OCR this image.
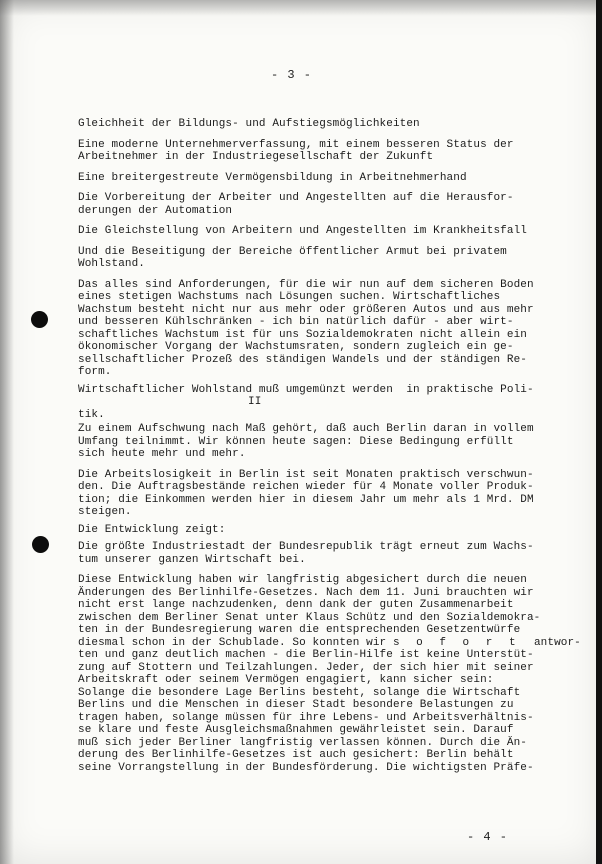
- 3 -

Gleichheit der Bildungs- und Aufstiegsmöglichkeiten

Eine moderne Unternehmerverfassung, mit einem besseren Status der

Arbeitnehmer in der Industriegesellschaft der Zukunft

Eine breitergestreute Vermögensbildung in Arbeitnehmerhand

Die Vorbereitung der Arbeiter und Angestellten auf die Herausfor-

derungen der Automation

Die Gleichstellung von Arbeitern und Angestellten im Krankheitsfall

Und die Beseitigung der Bereiche öffentlicher Armut bei privatem

Wohlstand.

Das alles sind Anforderungen, für die wir nun auf dem sicheren Boden

eines stetigen Wachstums nach Lösungen suchen. Wirtschaftliches

Wachstum besteht nicht nur aus mehr oder größeren Autos und aus mehr

und besseren Kühlschränken - ich bin natürlich dafür - aber wirt-

schaftliches Wachstum ist für uns Sozialdemokraten nicht allein ein

ökonomischer Vorgang der Wachstumsraten, sondern zugleich ein ge-

sellschaftlicher Prozeß des ständigen Wandels und der ständigen Re-

form.

Wirtschaftlicher Wohlstand muß umgemünzt werden  in praktische Poli-

II

tik.

Zu einem Aufschwung nach Maß gehört, daß auch Berlin daran in vollem

Umfang teilnimmt. Wir können heute sagen: Diese Bedingung erfüllt

sich heute mehr und mehr.

Die Arbeitslosigkeit in Berlin ist seit Monaten praktisch verschwun-

den. Die Auftragsbestände reichen wieder für 4 Monate voller Produk-

tion; die Einkommen werden hier in diesem Jahr um mehr als 1 Mrd. DM

steigen.

Die Entwicklung zeigt:

Die größte Industriestadt der Bundesrepublik trägt erneut zum Wachs-

tum unserer ganzen Wirtschaft bei.

Diese Entwicklung haben wir langfristig abgesichert durch die neuen

Änderungen des Berlinhilfe-Gesetzes. Nach dem 11. Juni brauchten wir

nicht erst lange nachzudenken, denn dank der guten Zusammenarbeit

zwischen dem Berliner Senat unter Klaus Schütz und den Sozialdemokra-

ten in der Bundesregierung waren die entsprechenden Gesetzentwürfe

diesmal schon in der Schublade. So konnten wir s o f o r t  antwor-

ten und ganz deutlich machen - die Berlin-Hilfe ist keine Unterstüt-

zung auf Stottern und Teilzahlungen. Jeder, der sich hier mit seiner

Arbeitskraft oder seinem Vermögen engagiert, kann sicher sein:

Solange die besondere Lage Berlins besteht, solange die Wirtschaft

Berlins und die Menschen in dieser Stadt besondere Belastungen zu

tragen haben, solange müssen für ihre Lebens- und Arbeitsverhältnis-

se klare und feste Ausgleichsmaßnahmen gewährleistet sein. Darauf

muß sich jeder Berliner langfristig verlassen können. Durch die Än-

derung des Berlinhilfe-Gesetzes ist auch gesichert: Berlin behält

seine Vorrangstellung in der Bundesförderung. Die wichtigsten Präfe-

- 4 -
